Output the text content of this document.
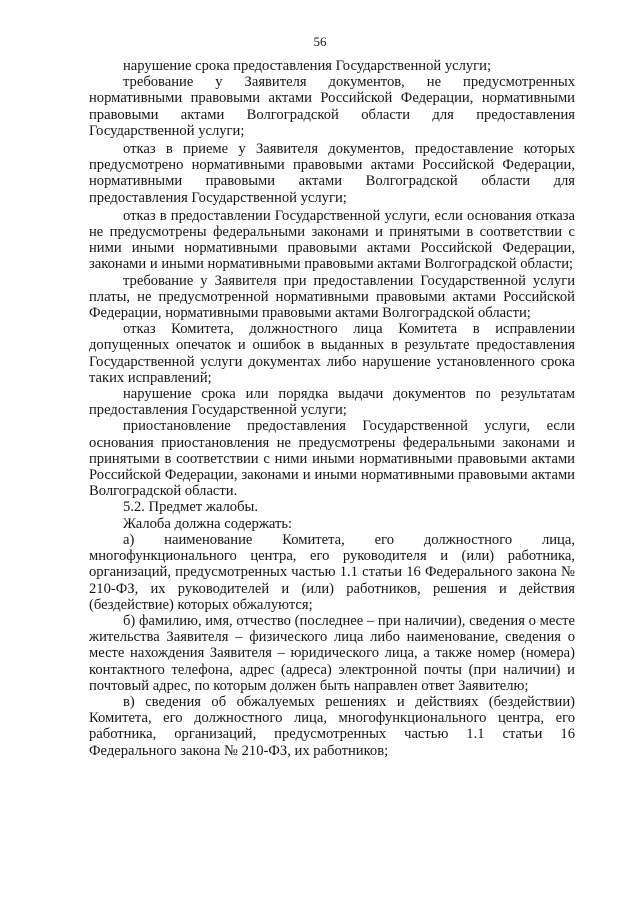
56

нарушение срока предоставления Государственной услуги;

требование у Заявителя документов, не предусмотренных нормативными правовыми актами Российской Федерации, нормативными правовыми актами Волгоградской области для предоставления Государственной услуги;

отказ в приеме у Заявителя документов, предоставление которых предусмотрено нормативными правовыми актами Российской Федерации, нормативными правовыми актами Волгоградской области для предоставления Государственной услуги;

отказ в предоставлении Государственной услуги, если основания отказа не предусмотрены федеральными законами и принятыми в соответствии с ними иными нормативными правовыми актами Российской Федерации, законами и иными нормативными правовыми актами Волгоградской области;

требование у Заявителя при предоставлении Государственной услуги платы, не предусмотренной нормативными правовыми актами Российской Федерации, нормативными правовыми актами Волгоградской области;

отказ Комитета, должностного лица Комитета в исправлении допущенных опечаток и ошибок в выданных в результате предоставления Государственной услуги документах либо нарушение установленного срока таких исправлений;

нарушение срока или порядка выдачи документов по результатам предоставления Государственной услуги;

приостановление предоставления Государственной услуги, если основания приостановления не предусмотрены федеральными законами и принятыми в соответствии с ними иными нормативными правовыми актами Российской Федерации, законами и иными нормативными правовыми актами Волгоградской области.

5.2. Предмет жалобы.

Жалоба должна содержать:

а) наименование Комитета, его должностного лица, многофункционального центра, его руководителя и (или) работника, организаций, предусмотренных частью 1.1 статьи 16 Федерального закона № 210-ФЗ, их руководителей и (или) работников, решения и действия (бездействие) которых обжалуются;

б) фамилию, имя, отчество (последнее – при наличии), сведения о месте жительства Заявителя – физического лица либо наименование, сведения о месте нахождения Заявителя – юридического лица, а также номер (номера) контактного телефона, адрес (адреса) электронной почты (при наличии) и почтовый адрес, по которым должен быть направлен ответ Заявителю;

в) сведения об обжалуемых решениях и действиях (бездействии) Комитета, его должностного лица, многофункционального центра, его работника, организаций, предусмотренных частью 1.1 статьи 16 Федерального закона № 210-ФЗ, их работников;
